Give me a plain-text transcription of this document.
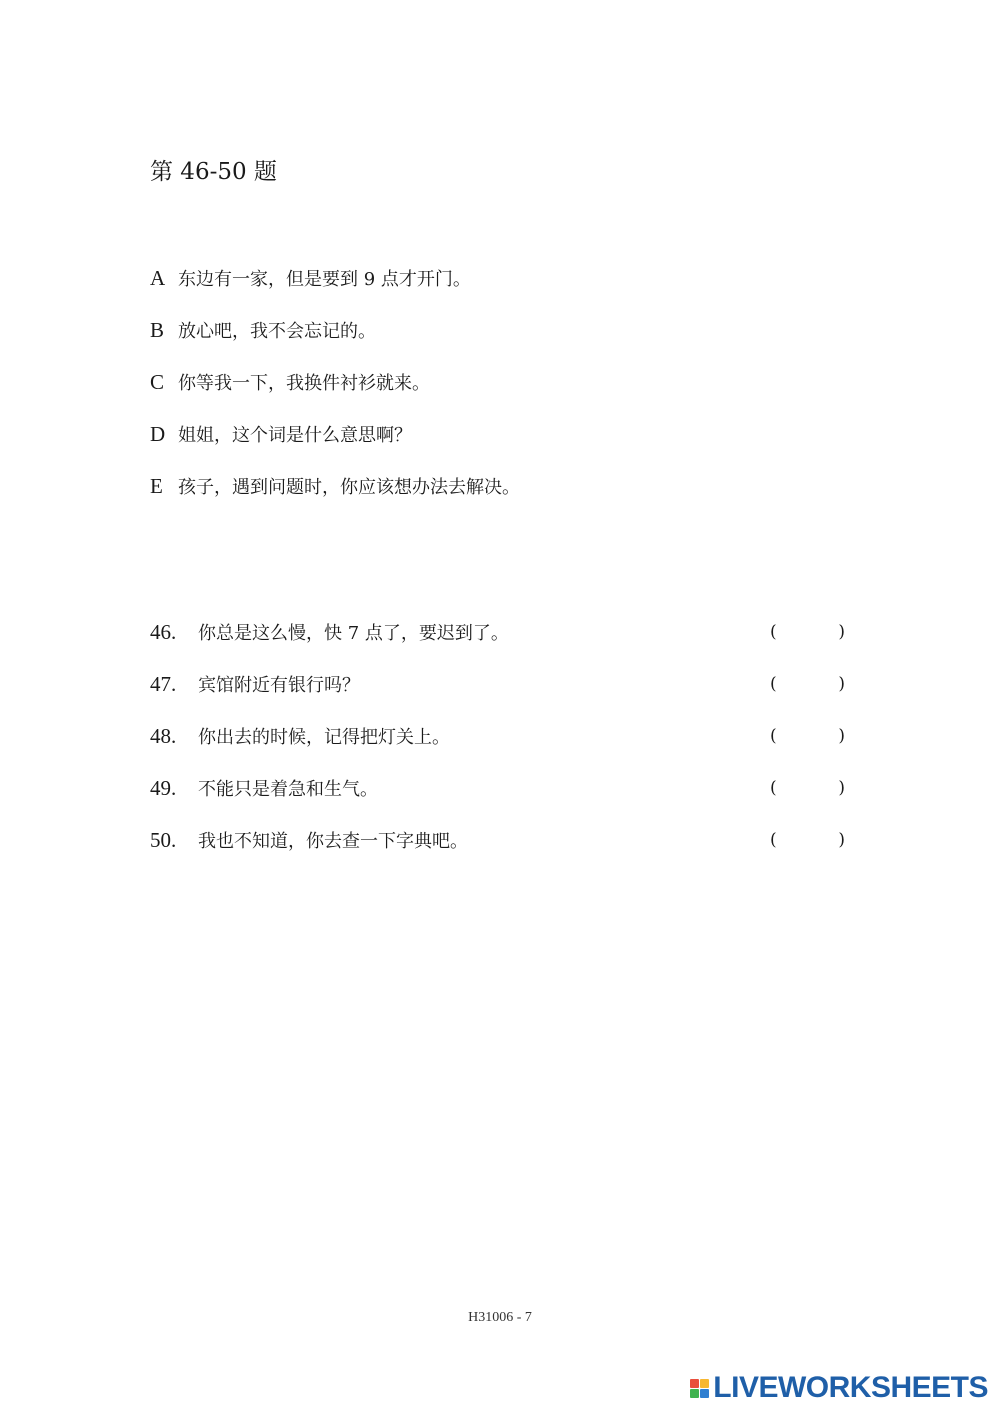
第 46-50 题
A 东边有一家，但是要到 9 点才开门。
B 放心吧，我不会忘记的。
C 你等我一下，我换件衬衫就来。
D 姐姐，这个词是什么意思啊？
E 孩子，遇到问题时，你应该想办法去解决。
46.	你总是这么慢，快 7 点了，要迟到了。	(	)
47.	宾馆附近有银行吗？	(	)
48.	你出去的时候，记得把灯关上。	(	)
49.	不能只是着急和生气。	(	)
50.	我也不知道，你去查一下字典吧。	(	)
H31006 - 7
LIVEWORKSHEETS
